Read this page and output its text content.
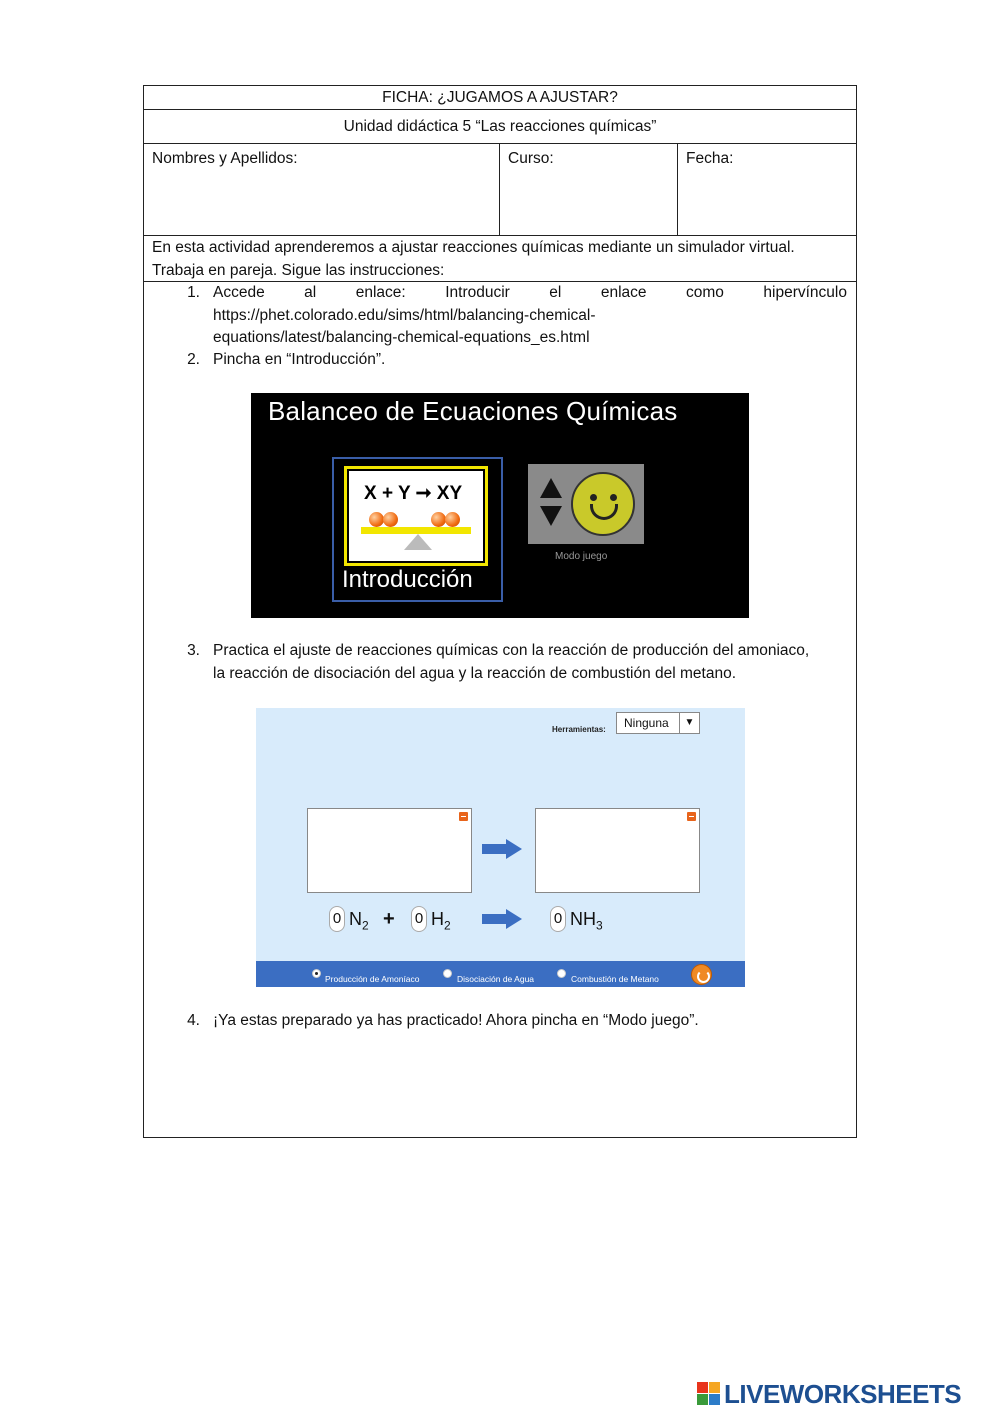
FICHA: ¿JUGAMOS A AJUSTAR?
Unidad didáctica 5 “Las reacciones químicas”
Nombres y Apellidos:	Curso:	Fecha:
En esta actividad aprenderemos a ajustar reacciones químicas mediante un simulador virtual.
Trabaja en pareja. Sigue las instrucciones:
1. Accede al enlace: Introducir el enlace como hipervínculo
https://phet.colorado.edu/sims/html/balancing-chemical-
equations/latest/balancing-chemical-equations_es.html
2. Pincha en “Introducción”.
Balanceo de Ecuaciones Químicas
X + Y ➞ XY
Introducción
Modo juego
3. Practica el ajuste de reacciones químicas con la reacción de producción del amoniaco,
la reacción de disociación del agua y la reacción de combustión del metano.
Herramientas:	Ninguna	▼
0 $N_2 + 0$ $H_2$	0 $NH_3$
Producción de Amoníaco	Disociación de Agua	Combustión de Metano
4. ¡Ya estas preparado ya has practicado! Ahora pincha en “Modo juego”.
LIVEWORKSHEETS
